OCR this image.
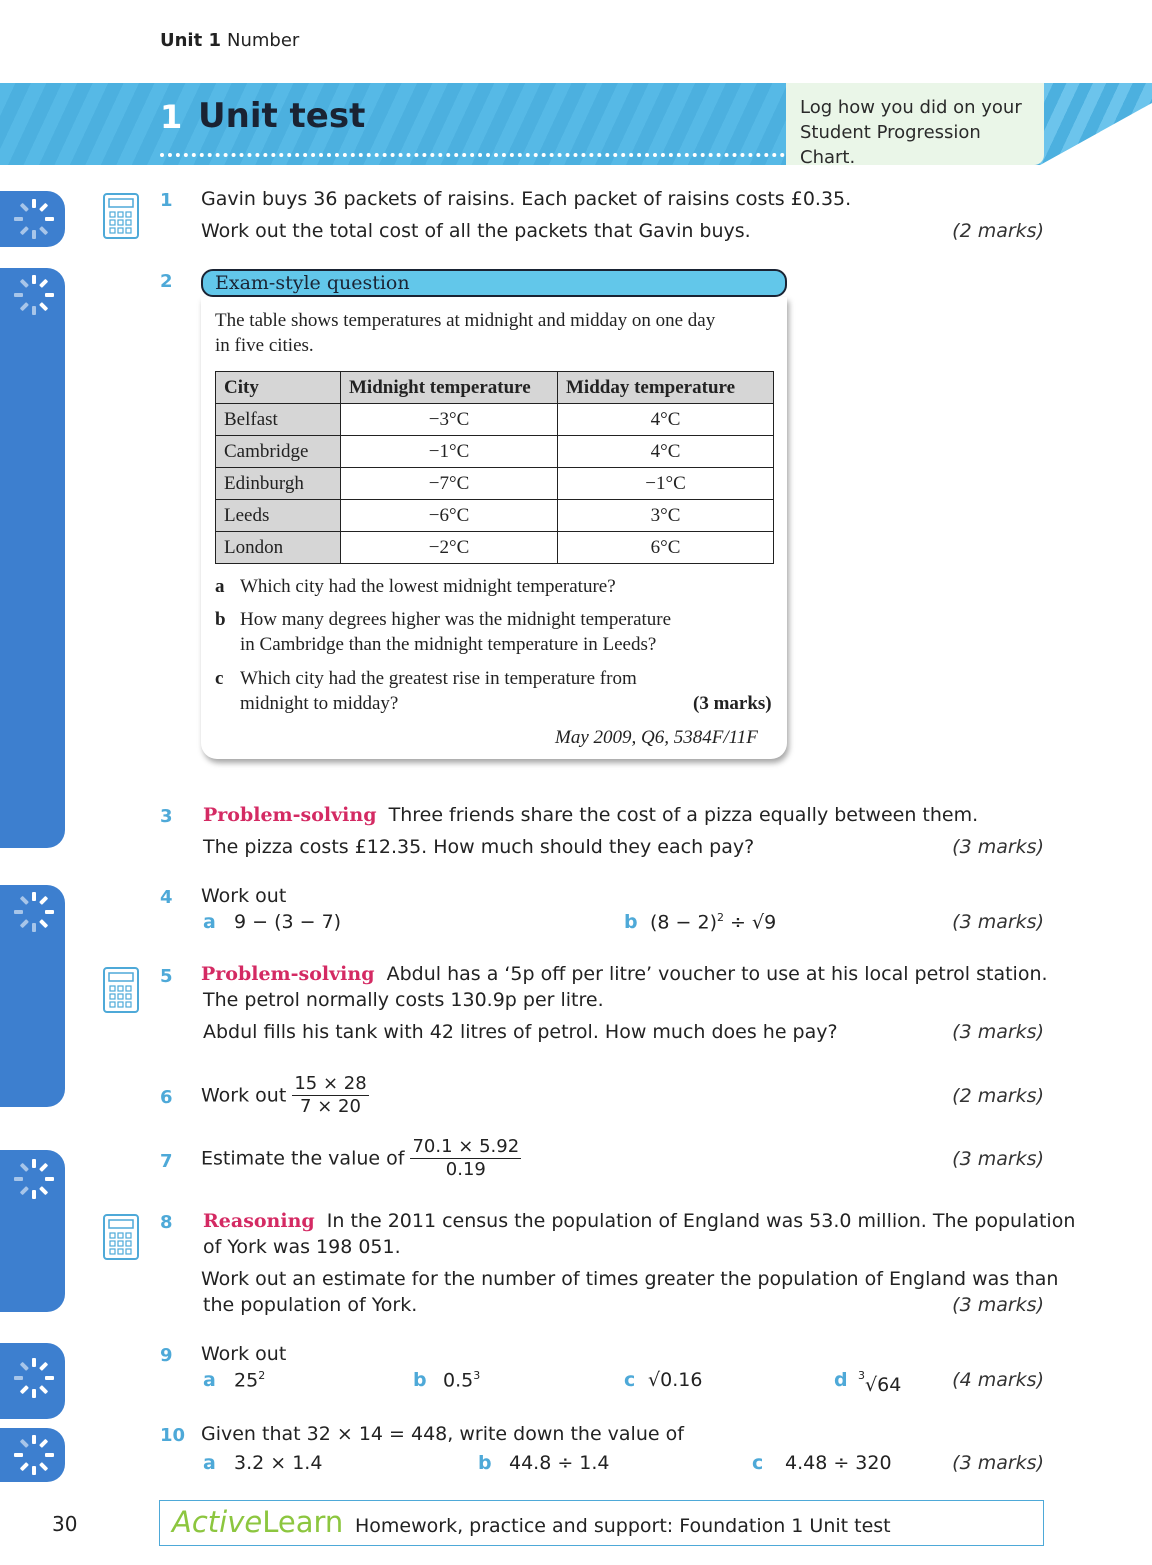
Unit 1 Number
1 Unit test	Log how you did on your Student Progression Chart.
1 Gavin buys 36 packets of raisins. Each packet of raisins costs £0.35.
Work out the total cost of all the packets that Gavin buys.	(2 marks)
2	Exam-style question
The table shows temperatures at midnight and midday on one day
in five cities.
City	Midnight temperature	Midday temperature
Belfast	−3°C	4°C
Cambridge	−1°C	4°C
Edinburgh	−7°C	−1°C
Leeds	−6°C	3°C
London	−2°C	6°C
a Which city had the lowest midnight temperature?
b How many degrees higher was the midnight temperature
in Cambridge than the midnight temperature in Leeds?
c Which city had the greatest rise in temperature from
midnight to midday?	(3 marks)
May 2009, Q6, 5384F/11F
3 Problem-solving Three friends share the cost of a pizza equally between them.
The pizza costs £12.35. How much should they each pay?	(3 marks)
4 Work out
a 9 − (3 − 7)	b $(8 - 2)^2 \div √9$	(3 marks)
5 Problem-solving Abdul has a ‘5p off per litre’ voucher to use at his local petrol station.
The petrol normally costs 130.9p per litre.
Abdul fills his tank with 42 litres of petrol. How much does he pay?	(3 marks)
6 Work out $\frac{15 \times 28}{7 \times 20}$	(2 marks)
7 Estimate the value of $\frac{70.1 \times 5.92}{0.19}$	(3 marks)
8 Reasoning In the 2011 census the population of England was 53.0 million. The population
of York was 198 051.
Work out an estimate for the number of times greater the population of England was than
the population of York.	(3 marks)
9 Work out
a $25^2$	b $0.5^3$	c √0.16	d $^3$√64	(4 marks)
10 Given that 32 × 14 = 448, write down the value of
a 3.2 × 1.4	b 44.8 ÷ 1.4	c 4.48 ÷ 320	(3 marks)
30	ActiveLearn Homework, practice and support: Foundation 1 Unit test
